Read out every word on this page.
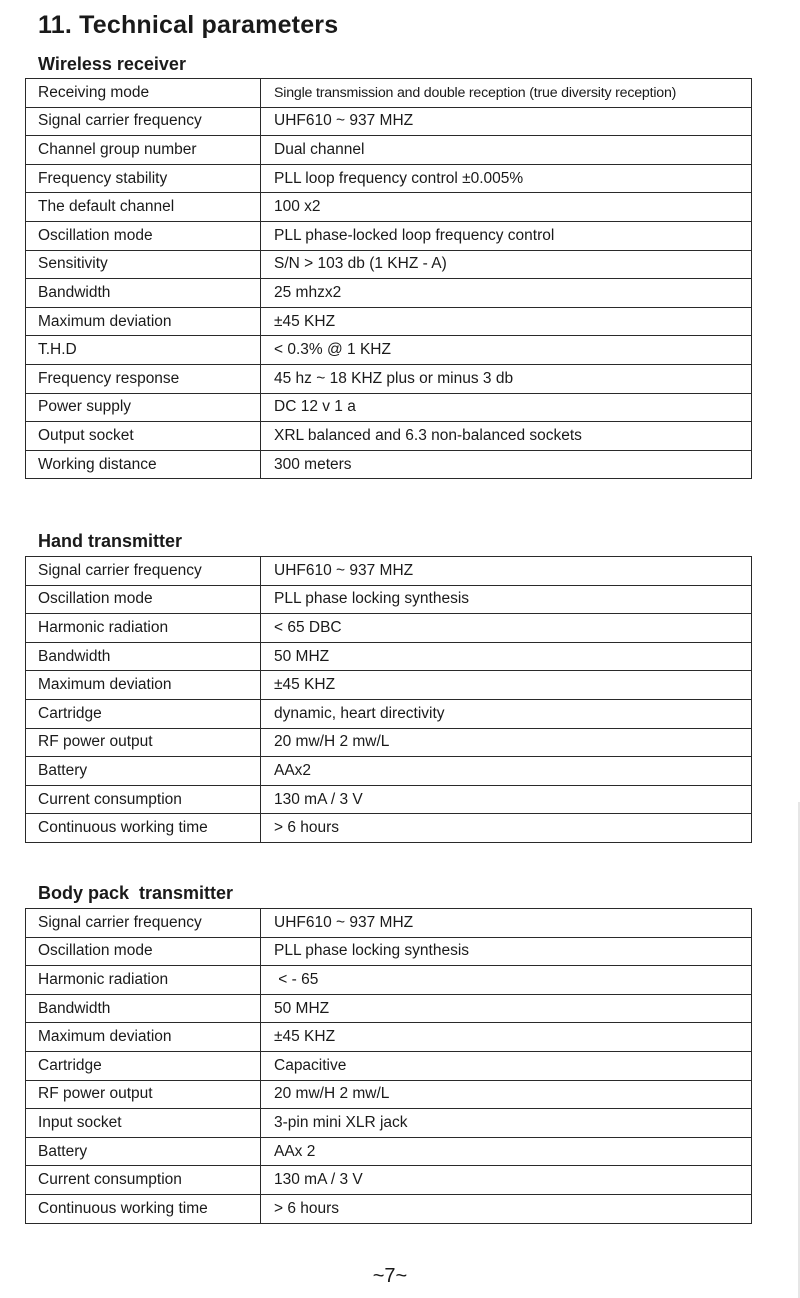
11. Technical parameters
Wireless receiver
Receiving mode	Single transmission and double reception (true diversity reception)
Signal carrier frequency	UHF610 ~ 937 MHZ
Channel group number	Dual channel
Frequency stability	PLL loop frequency control ±0.005%
The default channel	100 x2
Oscillation mode	PLL phase-locked loop frequency control
Sensitivity	S/N > 103 db (1 KHZ - A)
Bandwidth	25 mhzx2
Maximum deviation	±45 KHZ
T.H.D	< 0.3% @ 1 KHZ
Frequency response	45 hz ~ 18 KHZ plus or minus 3 db
Power supply	DC 12 v 1 a
Output socket	XRL balanced and 6.3 non-balanced sockets
Working distance	300 meters
Hand transmitter
Signal carrier frequency	UHF610 ~ 937 MHZ
Oscillation mode	PLL phase locking synthesis
Harmonic radiation	< 65 DBC
Bandwidth	50 MHZ
Maximum deviation	±45 KHZ
Cartridge	dynamic, heart directivity
RF power output	20 mw/H 2 mw/L
Battery	AAx2
Current consumption	130 mA / 3 V
Continuous working time	> 6 hours
Body pack  transmitter
Signal carrier frequency	UHF610 ~ 937 MHZ
Oscillation mode	PLL phase locking synthesis
Harmonic radiation	< - 65
Bandwidth	50 MHZ
Maximum deviation	±45 KHZ
Cartridge	Capacitive
RF power output	20 mw/H 2 mw/L
Input socket	3-pin mini XLR jack
Battery	AAx 2
Current consumption	130 mA / 3 V
Continuous working time	> 6 hours
~7~
